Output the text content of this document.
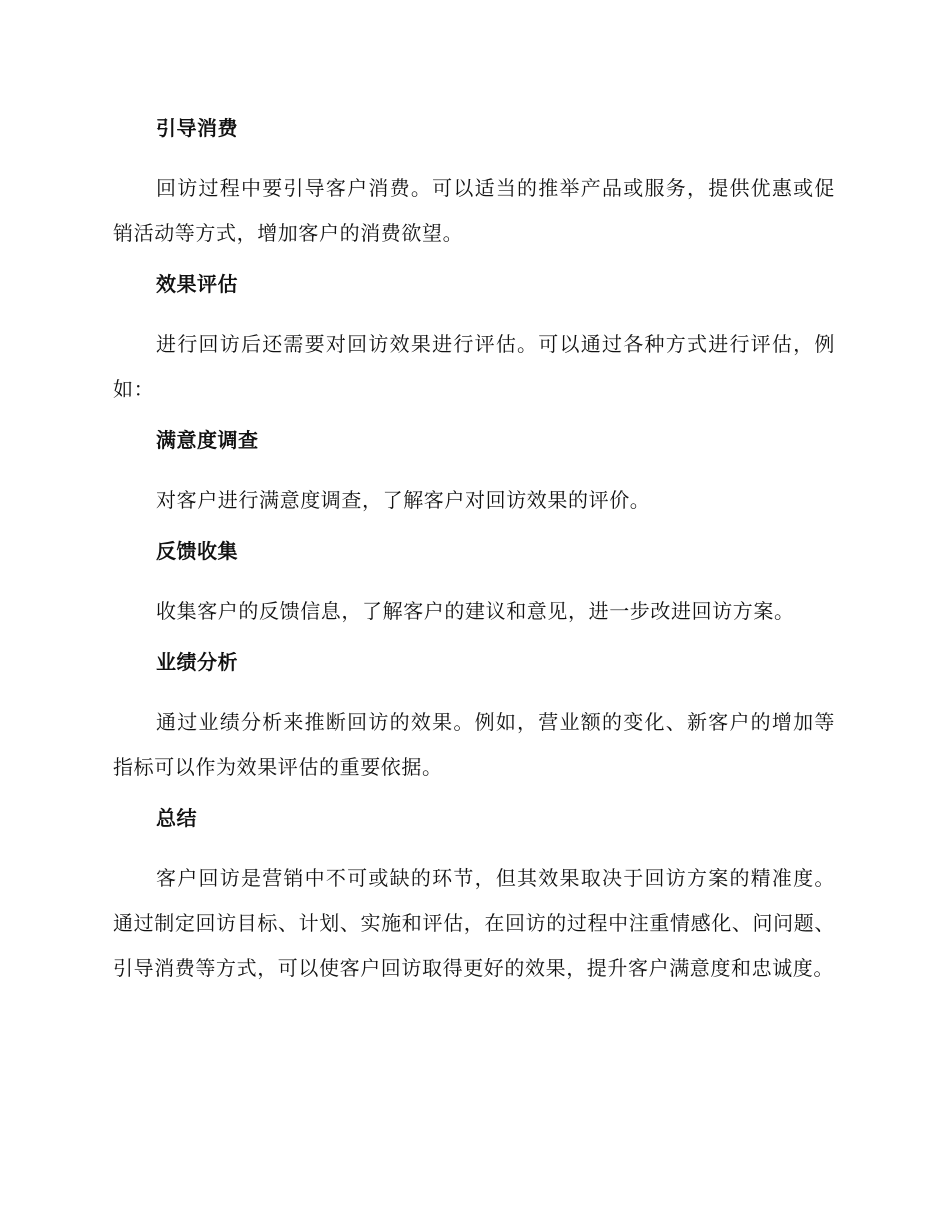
引导消费

回访过程中要引导客户消费。可以适当的推举产品或服务，提供优惠或促销活动等方式，增加客户的消费欲望。

效果评估

进行回访后还需要对回访效果进行评估。可以通过各种方式进行评估，例如：

满意度调查

对客户进行满意度调查，了解客户对回访效果的评价。

反馈收集

收集客户的反馈信息，了解客户的建议和意见，进一步改进回访方案。

业绩分析

通过业绩分析来推断回访的效果。例如，营业额的变化、新客户的增加等指标可以作为效果评估的重要依据。

总结

客户回访是营销中不可或缺的环节，但其效果取决于回访方案的精准度。通过制定回访目标、计划、实施和评估，在回访的过程中注重情感化、问问题、引导消费等方式，可以使客户回访取得更好的效果，提升客户满意度和忠诚度。
